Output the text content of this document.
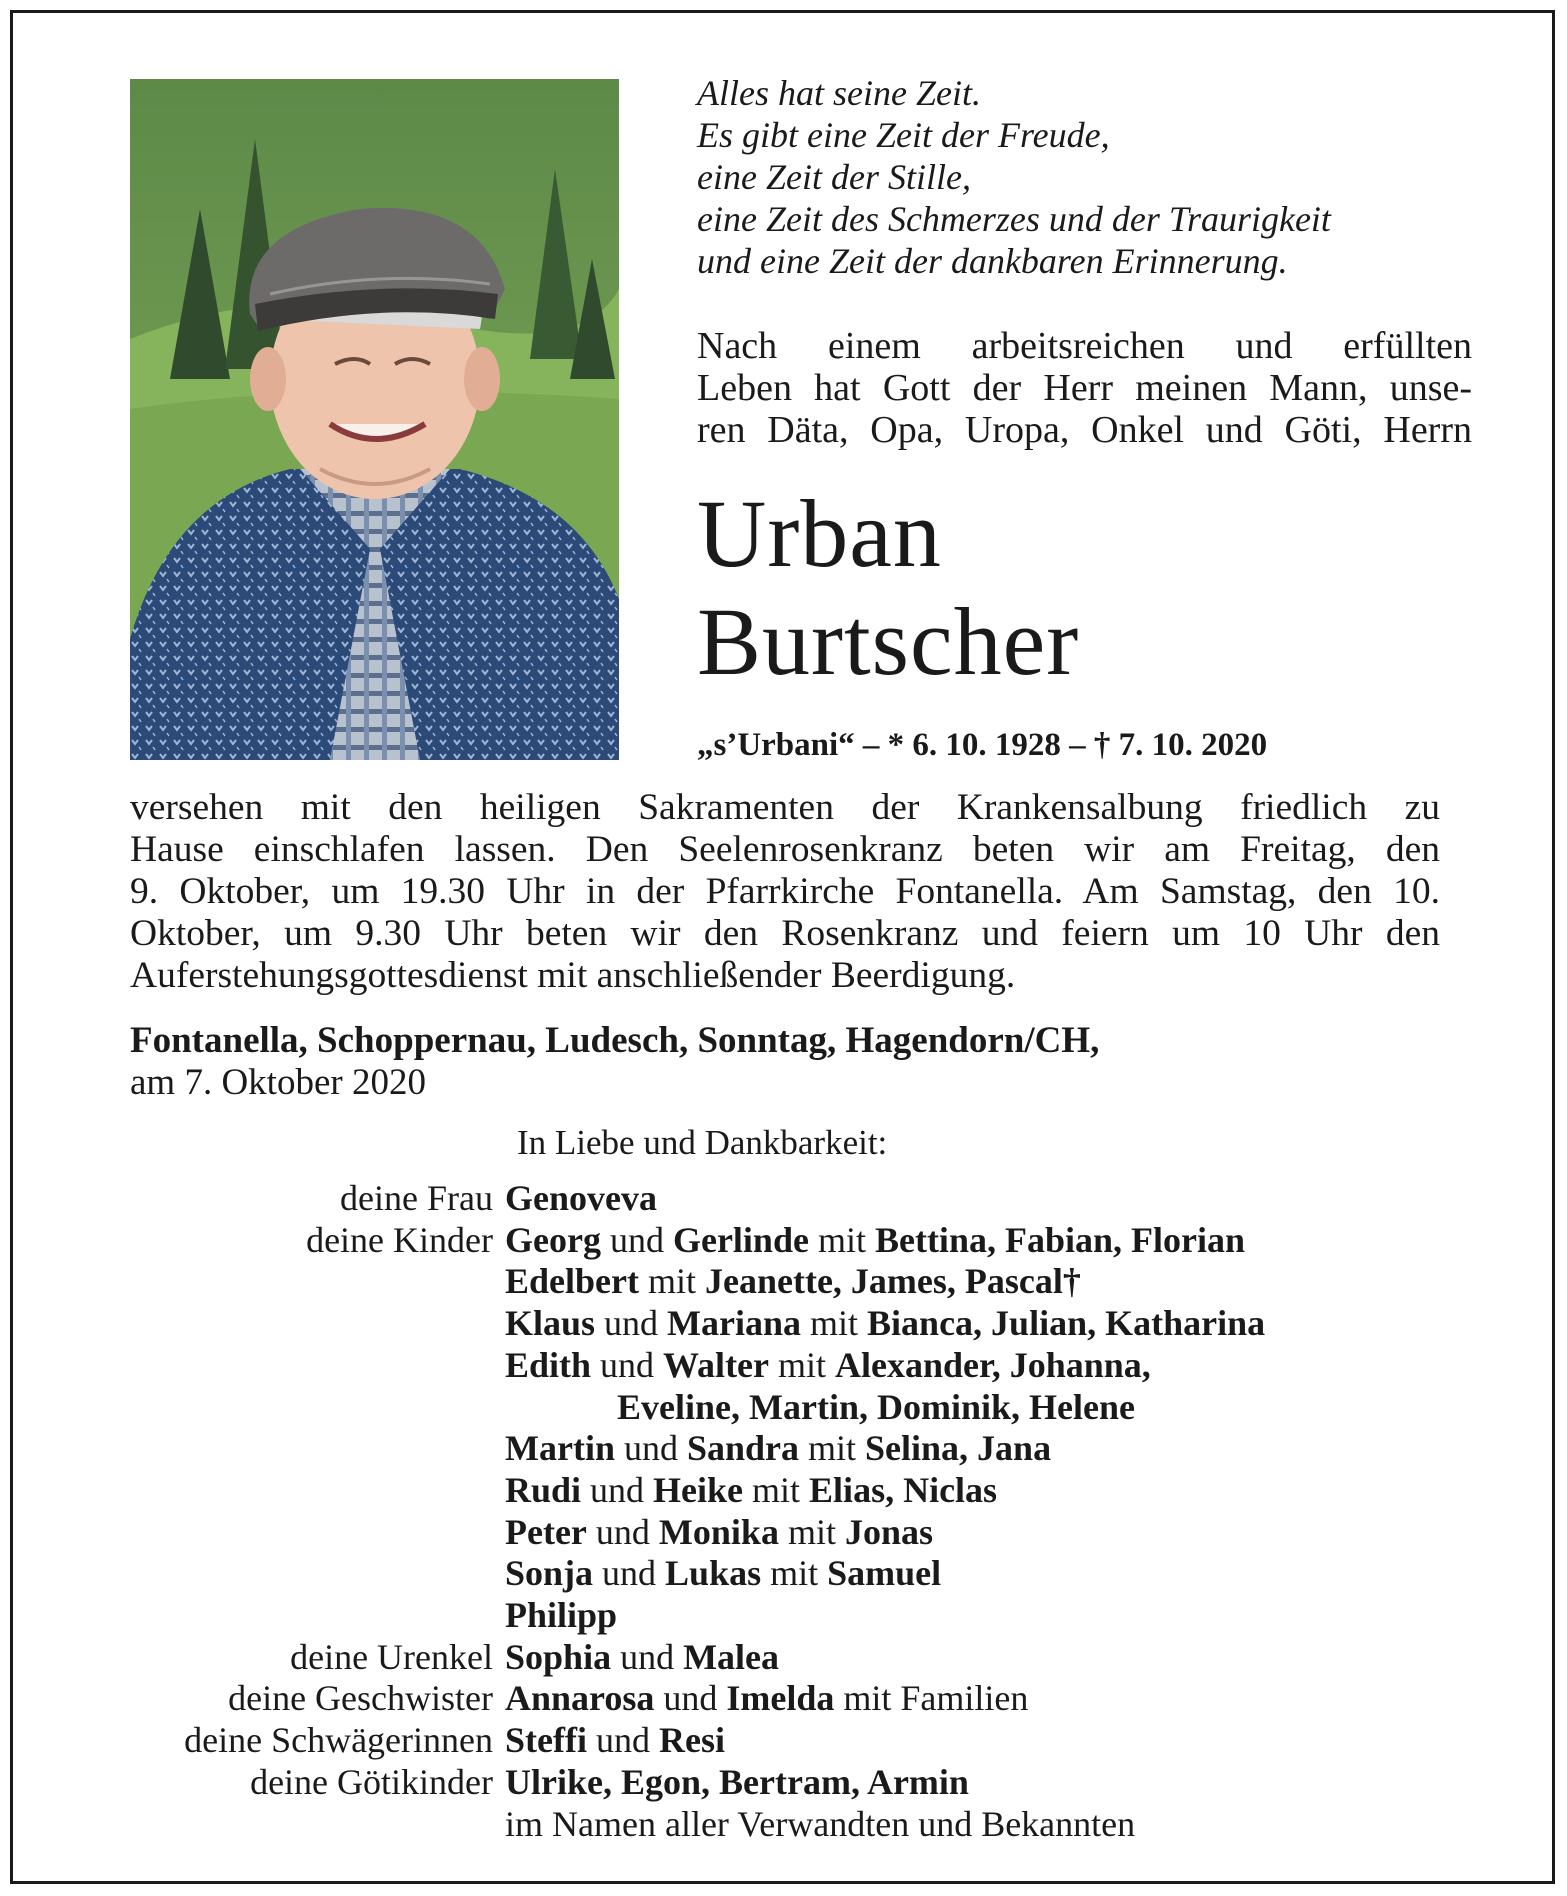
Alles hat seine Zeit.
Es gibt eine Zeit der Freude,
eine Zeit der Stille,
eine Zeit des Schmerzes und der Traurigkeit
und eine Zeit der dankbaren Erinnerung.
Nach einem arbeitsreichen und erfüllten
Leben hat Gott der Herr meinen Mann, unse-
ren Däta, Opa, Uropa, Onkel und Göti, Herrn
Urban
Burtscher
„s’Urbani“ – * 6. 10. 1928 – † 7. 10. 2020
versehen mit den heiligen Sakramenten der Krankensalbung friedlich zu
Hause einschlafen lassen. Den Seelenrosenkranz beten wir am Freitag, den
9. Oktober, um 19.30 Uhr in der Pfarrkirche Fontanella. Am Samstag, den 10.
Oktober, um 9.30 Uhr beten wir den Rosenkranz und feiern um 10 Uhr den
Auferstehungsgottesdienst mit anschließender Beerdigung.
Fontanella, Schoppernau, Ludesch, Sonntag, Hagendorn/CH,
am 7. Oktober 2020
In Liebe und Dankbarkeit:
deine Frau Genoveva
deine Kinder Georg und Gerlinde mit Bettina, Fabian, Florian
Edelbert mit Jeanette, James, Pascal†
Klaus und Mariana mit Bianca, Julian, Katharina
Edith und Walter mit Alexander, Johanna,
Eveline, Martin, Dominik, Helene
Martin und Sandra mit Selina, Jana
Rudi und Heike mit Elias, Niclas
Peter und Monika mit Jonas
Sonja und Lukas mit Samuel
Philipp
deine Urenkel Sophia und Malea
deine Geschwister Annarosa und Imelda mit Familien
deine Schwägerinnen Steffi und Resi
deine Götikinder Ulrike, Egon, Bertram, Armin
im Namen aller Verwandten und Bekannten
